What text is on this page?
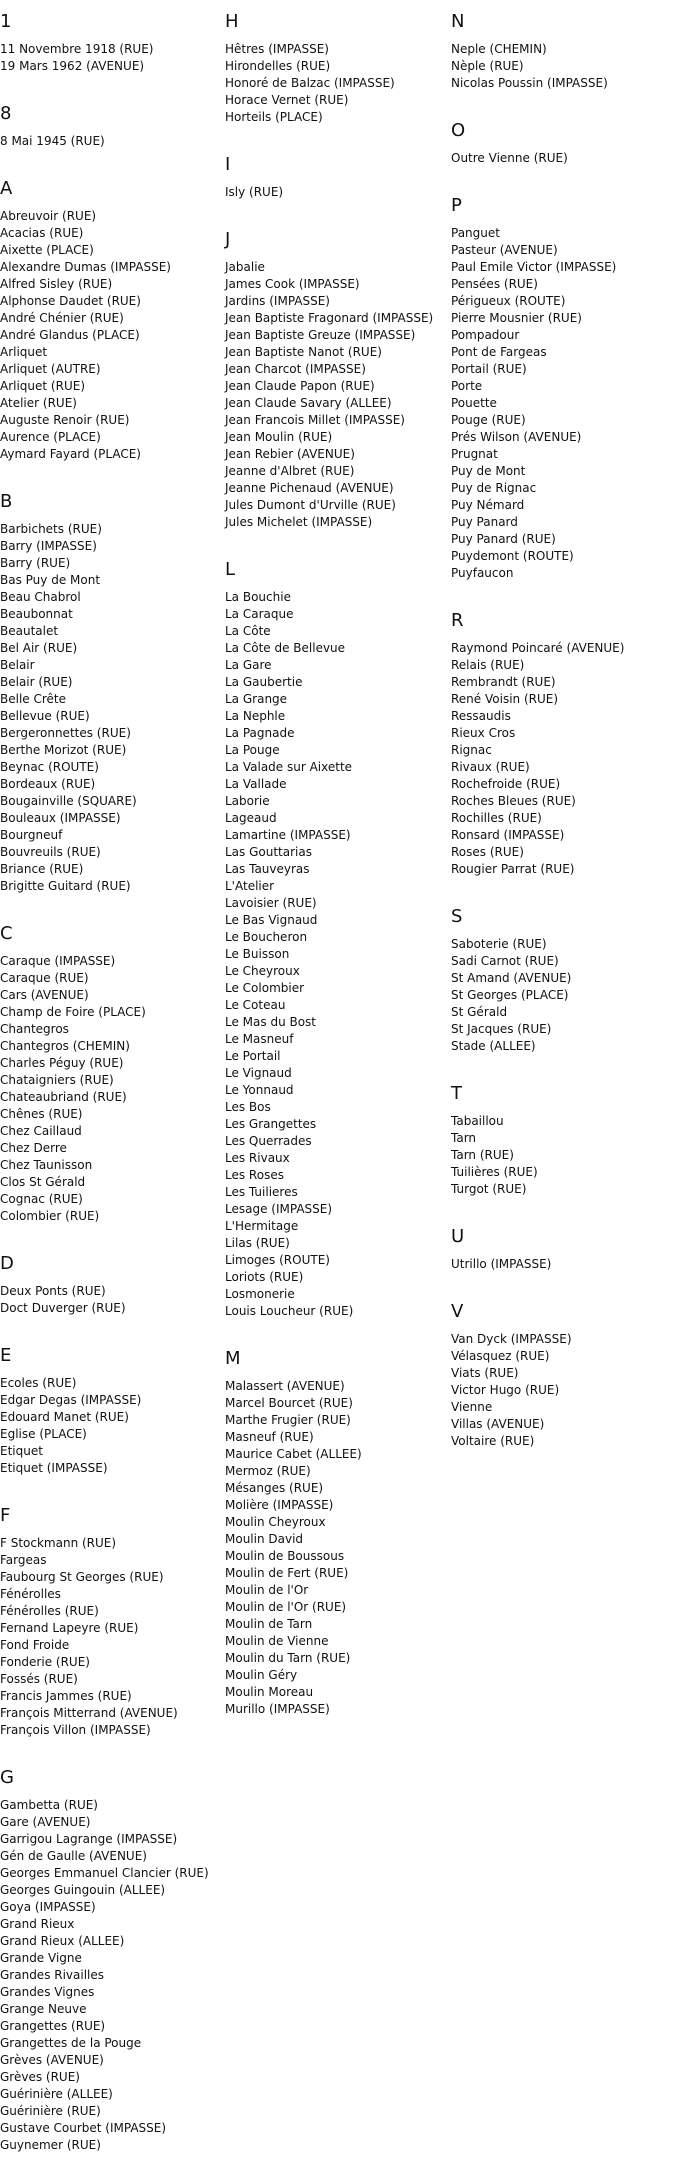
1
11 Novembre 1918 (RUE)
19 Mars 1962 (AVENUE)
8
8 Mai 1945 (RUE)
A
Abreuvoir (RUE)
Acacias (RUE)
Aixette (PLACE)
Alexandre Dumas (IMPASSE)
Alfred Sisley (RUE)
Alphonse Daudet (RUE)
André Chénier (RUE)
André Glandus (PLACE)
Arliquet
Arliquet (AUTRE)
Arliquet (RUE)
Atelier (RUE)
Auguste Renoir (RUE)
Aurence (PLACE)
Aymard Fayard (PLACE)
B
Barbichets (RUE)
Barry (IMPASSE)
Barry (RUE)
Bas Puy de Mont
Beau Chabrol
Beaubonnat
Beautalet
Bel Air (RUE)
Belair
Belair (RUE)
Belle Crête
Bellevue (RUE)
Bergeronnettes (RUE)
Berthe Morizot (RUE)
Beynac (ROUTE)
Bordeaux (RUE)
Bougainville (SQUARE)
Bouleaux (IMPASSE)
Bourgneuf
Bouvreuils (RUE)
Briance (RUE)
Brigitte Guitard (RUE)
C
Caraque (IMPASSE)
Caraque (RUE)
Cars (AVENUE)
Champ de Foire (PLACE)
Chantegros
Chantegros (CHEMIN)
Charles Péguy (RUE)
Chataigniers (RUE)
Chateaubriand (RUE)
Chênes (RUE)
Chez Caillaud
Chez Derre
Chez Taunisson
Clos St Gérald
Cognac (RUE)
Colombier (RUE)
D
Deux Ponts (RUE)
Doct Duverger (RUE)
E
Ecoles (RUE)
Edgar Degas (IMPASSE)
Edouard Manet (RUE)
Eglise (PLACE)
Etiquet
Etiquet (IMPASSE)
F
F Stockmann (RUE)
Fargeas
Faubourg St Georges (RUE)
Fénérolles
Fénérolles (RUE)
Fernand Lapeyre (RUE)
Fond Froide
Fonderie (RUE)
Fossés (RUE)
Francis Jammes (RUE)
François Mitterrand (AVENUE)
François Villon (IMPASSE)
G
Gambetta (RUE)
Gare (AVENUE)
Garrigou Lagrange (IMPASSE)
Gén de Gaulle (AVENUE)
Georges Emmanuel Clancier (RUE)
Georges Guingouin (ALLEE)
Goya (IMPASSE)
Grand Rieux
Grand Rieux (ALLEE)
Grande Vigne
Grandes Rivailles
Grandes Vignes
Grange Neuve
Grangettes (RUE)
Grangettes de la Pouge
Grèves (AVENUE)
Grèves (RUE)
Guérinière (ALLEE)
Guérinière (RUE)
Gustave Courbet (IMPASSE)
Guynemer (RUE)
H
Hêtres (IMPASSE)
Hirondelles (RUE)
Honoré de Balzac (IMPASSE)
Horace Vernet (RUE)
Horteils (PLACE)
I
Isly (RUE)
J
Jabalie
James Cook (IMPASSE)
Jardins (IMPASSE)
Jean Baptiste Fragonard (IMPASSE)
Jean Baptiste Greuze (IMPASSE)
Jean Baptiste Nanot (RUE)
Jean Charcot (IMPASSE)
Jean Claude Papon (RUE)
Jean Claude Savary (ALLEE)
Jean Francois Millet (IMPASSE)
Jean Moulin (RUE)
Jean Rebier (AVENUE)
Jeanne d'Albret (RUE)
Jeanne Pichenaud (AVENUE)
Jules Dumont d'Urville (RUE)
Jules Michelet (IMPASSE)
L
La Bouchie
La Caraque
La Côte
La Côte de Bellevue
La Gare
La Gaubertie
La Grange
La Nephle
La Pagnade
La Pouge
La Valade sur Aixette
La Vallade
Laborie
Lageaud
Lamartine (IMPASSE)
Las Gouttarias
Las Tauveyras
L'Atelier
Lavoisier (RUE)
Le Bas Vignaud
Le Boucheron
Le Buisson
Le Cheyroux
Le Colombier
Le Coteau
Le Mas du Bost
Le Masneuf
Le Portail
Le Vignaud
Le Yonnaud
Les Bos
Les Grangettes
Les Querrades
Les Rivaux
Les Roses
Les Tuilieres
Lesage (IMPASSE)
L'Hermitage
Lilas (RUE)
Limoges (ROUTE)
Loriots (RUE)
Losmonerie
Louis Loucheur (RUE)
M
Malassert (AVENUE)
Marcel Bourcet (RUE)
Marthe Frugier (RUE)
Masneuf (RUE)
Maurice Cabet (ALLEE)
Mermoz (RUE)
Mésanges (RUE)
Molière (IMPASSE)
Moulin Cheyroux
Moulin David
Moulin de Boussous
Moulin de Fert (RUE)
Moulin de l'Or
Moulin de l'Or (RUE)
Moulin de Tarn
Moulin de Vienne
Moulin du Tarn (RUE)
Moulin Géry
Moulin Moreau
Murillo (IMPASSE)
N
Neple (CHEMIN)
Nèple (RUE)
Nicolas Poussin (IMPASSE)
O
Outre Vienne (RUE)
P
Panguet
Pasteur (AVENUE)
Paul Emile Victor (IMPASSE)
Pensées (RUE)
Périgueux (ROUTE)
Pierre Mousnier (RUE)
Pompadour
Pont de Fargeas
Portail (RUE)
Porte
Pouette
Pouge (RUE)
Prés Wilson (AVENUE)
Prugnat
Puy de Mont
Puy de Rignac
Puy Némard
Puy Panard
Puy Panard (RUE)
Puydemont (ROUTE)
Puyfaucon
R
Raymond Poincaré (AVENUE)
Relais (RUE)
Rembrandt (RUE)
René Voisin (RUE)
Ressaudis
Rieux Cros
Rignac
Rivaux (RUE)
Rochefroide (RUE)
Roches Bleues (RUE)
Rochilles (RUE)
Ronsard (IMPASSE)
Roses (RUE)
Rougier Parrat (RUE)
S
Saboterie (RUE)
Sadi Carnot (RUE)
St Amand (AVENUE)
St Georges (PLACE)
St Gérald
St Jacques (RUE)
Stade (ALLEE)
T
Tabaillou
Tarn
Tarn (RUE)
Tuilières (RUE)
Turgot (RUE)
U
Utrillo (IMPASSE)
V
Van Dyck (IMPASSE)
Vélasquez (RUE)
Viats (RUE)
Victor Hugo (RUE)
Vienne
Villas (AVENUE)
Voltaire (RUE)
